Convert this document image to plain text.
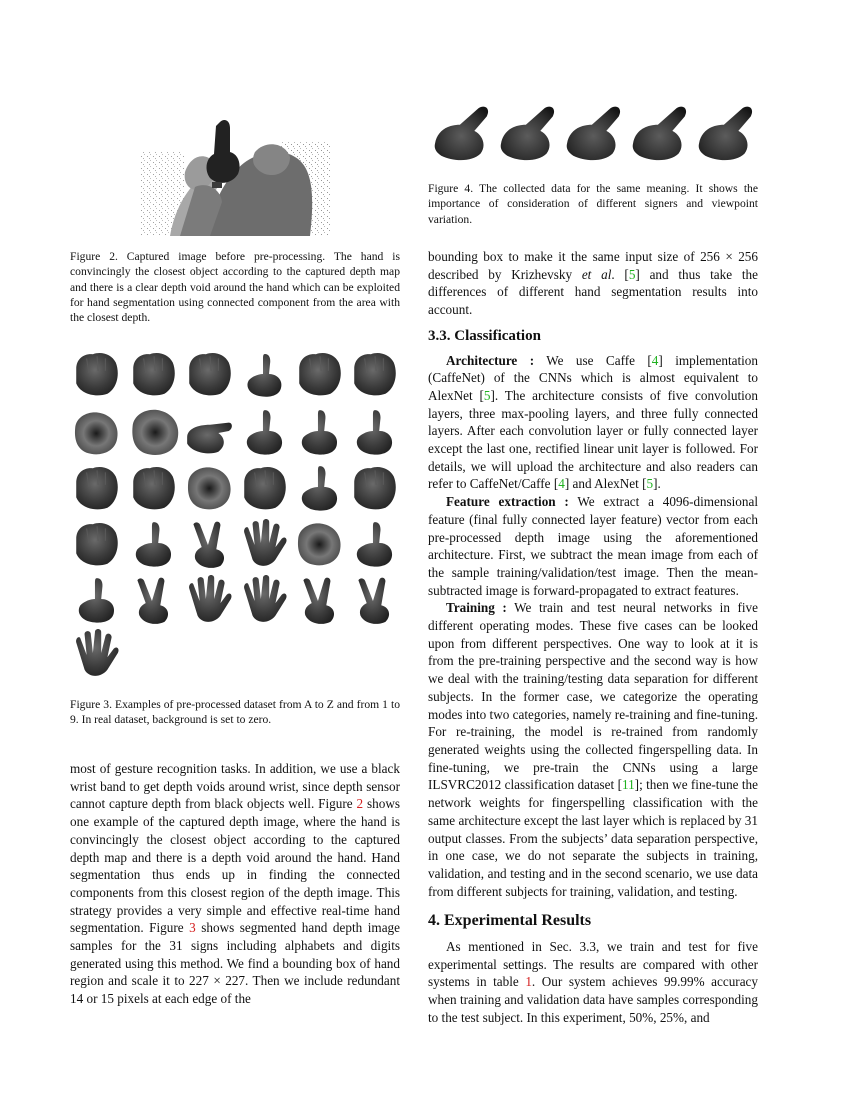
Figure 2. Captured image before pre-processing. The hand is convincingly the closest object according to the captured depth map and there is a clear depth void around the hand which can be exploited for hand segmentation using connected component from the area with the closest depth.
Figure 3. Examples of pre-processed dataset from A to Z and from 1 to 9. In real dataset, background is set to zero.

most of gesture recognition tasks. In addition, we use a black wrist band to get depth voids around wrist, since depth sensor cannot capture depth from black objects well. Figure 2 shows one example of the captured depth image, where the hand is convincingly the closest object according to the captured depth map and there is a depth void around the hand. Hand segmentation thus ends up in finding the connected components from this closest region of the depth image. This strategy provides a very simple and effective real-time hand segmentation. Figure 3 shows segmented hand depth image samples for the 31 signs including alphabets and digits generated using this method. We find a bounding box of hand region and scale it to 227 × 227. Then we include redundant 14 or 15 pixels at each edge of the

Figure 4. The collected data for the same meaning. It shows the importance of consideration of different signers and viewpoint variation.

bounding box to make it the same input size of 256 × 256 described by Krizhevsky et al. [5] and thus take the differences of different hand segmentation results into account.

3.3. Classification

Architecture : We use Caffe [4] implementation (CaffeNet) of the CNNs which is almost equivalent to AlexNet [5]. The architecture consists of five convolution layers, three max-pooling layers, and three fully connected layers. After each convolution layer or fully connected layer except the last one, rectified linear unit layer is followed. For details, we will upload the architecture and also readers can refer to CaffeNet/Caffe [4] and AlexNet [5].

Feature extraction : We extract a 4096-dimensional feature (final fully connected layer feature) vector from each pre-processed depth image using the aforementioned architecture. First, we subtract the mean image from each of the sample training/validation/test image. Then the mean-subtracted image is forward-propagated to extract features.

Training : We train and test neural networks in five different operating modes. These five cases can be looked upon from different perspectives. One way to look at it is from the pre-training perspective and the second way is how we deal with the training/testing data separation for different subjects. In the former case, we categorize the operating modes into two categories, namely re-training and fine-tuning. For re-training, the model is re-trained from randomly generated weights using the collected fingerspelling data. In fine-tuning, we pre-train the CNNs using a large ILSVRC2012 classification dataset [11]; then we fine-tune the network weights for fingerspelling classification with the same architecture except the last layer which is replaced by 31 output classes. From the subjects’ data separation perspective, in one case, we do not separate the subjects in training, validation, and testing and in the second scenario, we use data from different subjects for training, validation, and testing.

4. Experimental Results

As mentioned in Sec. 3.3, we train and test for five experimental settings. The results are compared with other systems in table 1. Our system achieves 99.99% accuracy when training and validation data have samples corresponding to the test subject. In this experiment, 50%, 25%, and
